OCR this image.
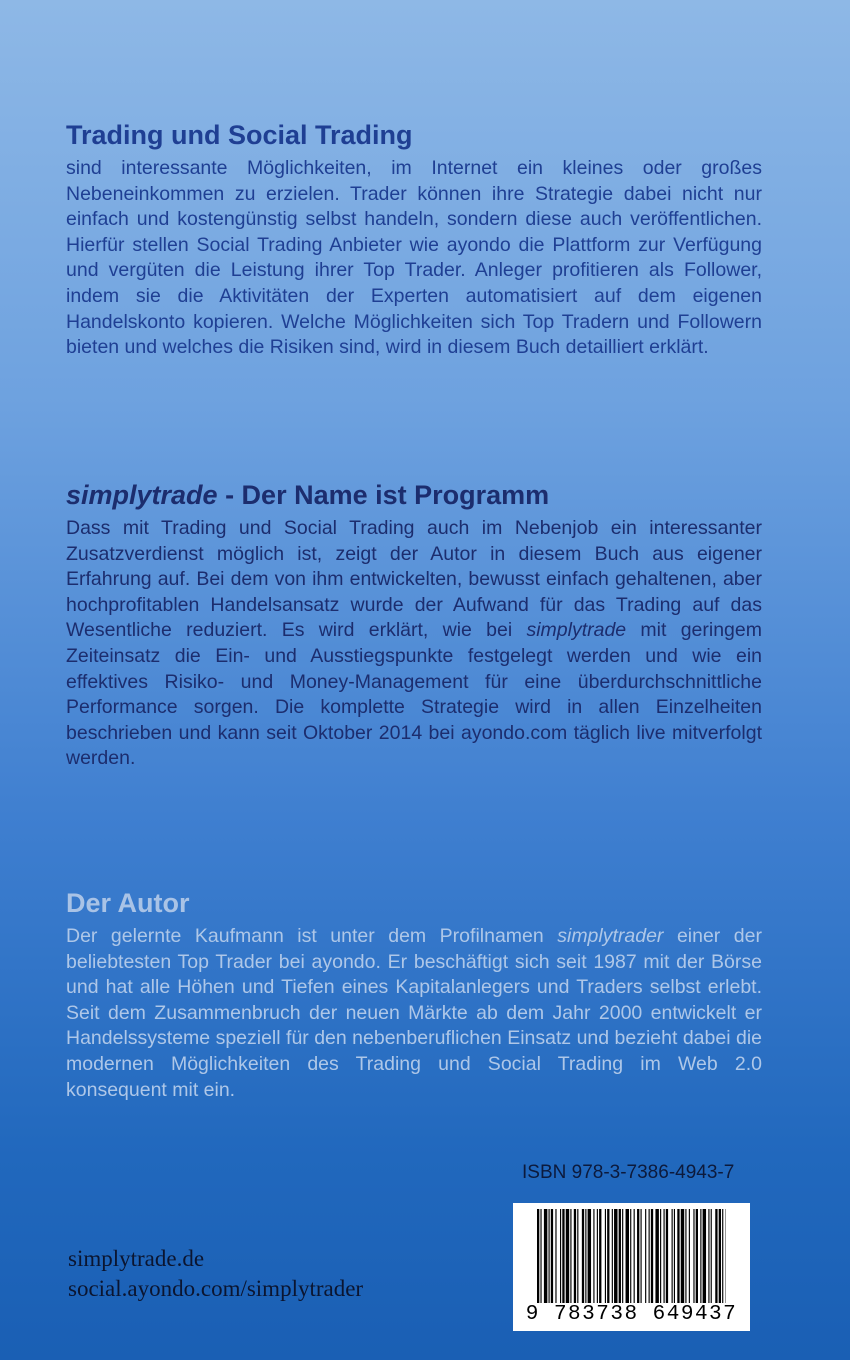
Trading und Social Trading

sind interessante Möglichkeiten, im Internet ein kleines oder großes Nebeneinkommen zu erzielen. Trader können ihre Strategie dabei nicht nur einfach und kostengünstig selbst handeln, sondern diese auch veröffentlichen. Hierfür stellen Social Trading Anbieter wie ayondo die Plattform zur Verfügung und vergüten die Leistung ihrer Top Trader. Anleger profitieren als Follower, indem sie die Aktivitäten der Experten automatisiert auf dem eigenen Handelskonto kopieren. Welche Möglichkeiten sich Top Tradern und Followern bieten und welches die Risiken sind, wird in diesem Buch detailliert erklärt.

simplytrade - Der Name ist Programm

Dass mit Trading und Social Trading auch im Nebenjob ein interessanter Zusatzverdienst möglich ist, zeigt der Autor in diesem Buch aus eigener Erfahrung auf. Bei dem von ihm entwickelten, bewusst einfach gehaltenen, aber hochprofitablen Handelsansatz wurde der Aufwand für das Trading auf das Wesentliche reduziert. Es wird erklärt, wie bei simplytrade mit geringem Zeiteinsatz die Ein- und Ausstiegspunkte festgelegt werden und wie ein effektives Risiko- und Money-Management für eine überdurchschnittliche Performance sorgen. Die komplette Strategie wird in allen Einzelheiten beschrieben und kann seit Oktober 2014 bei ayondo.com täglich live mitverfolgt werden.

Der Autor

Der gelernte Kaufmann ist unter dem Profilnamen simplytrader einer der beliebtesten Top Trader bei ayondo. Er beschäftigt sich seit 1987 mit der Börse und hat alle Höhen und Tiefen eines Kapitalanlegers und Traders selbst erlebt. Seit dem Zusammenbruch der neuen Märkte ab dem Jahr 2000 entwickelt er Handelssysteme speziell für den nebenberuflichen Einsatz und bezieht dabei die modernen Möglichkeiten des Trading und Social Trading im Web 2.0 konsequent mit ein.

ISBN 978-3-7386-4943-7
simplytrade.de
social.ayondo.com/simplytrader
9 783738 649437
